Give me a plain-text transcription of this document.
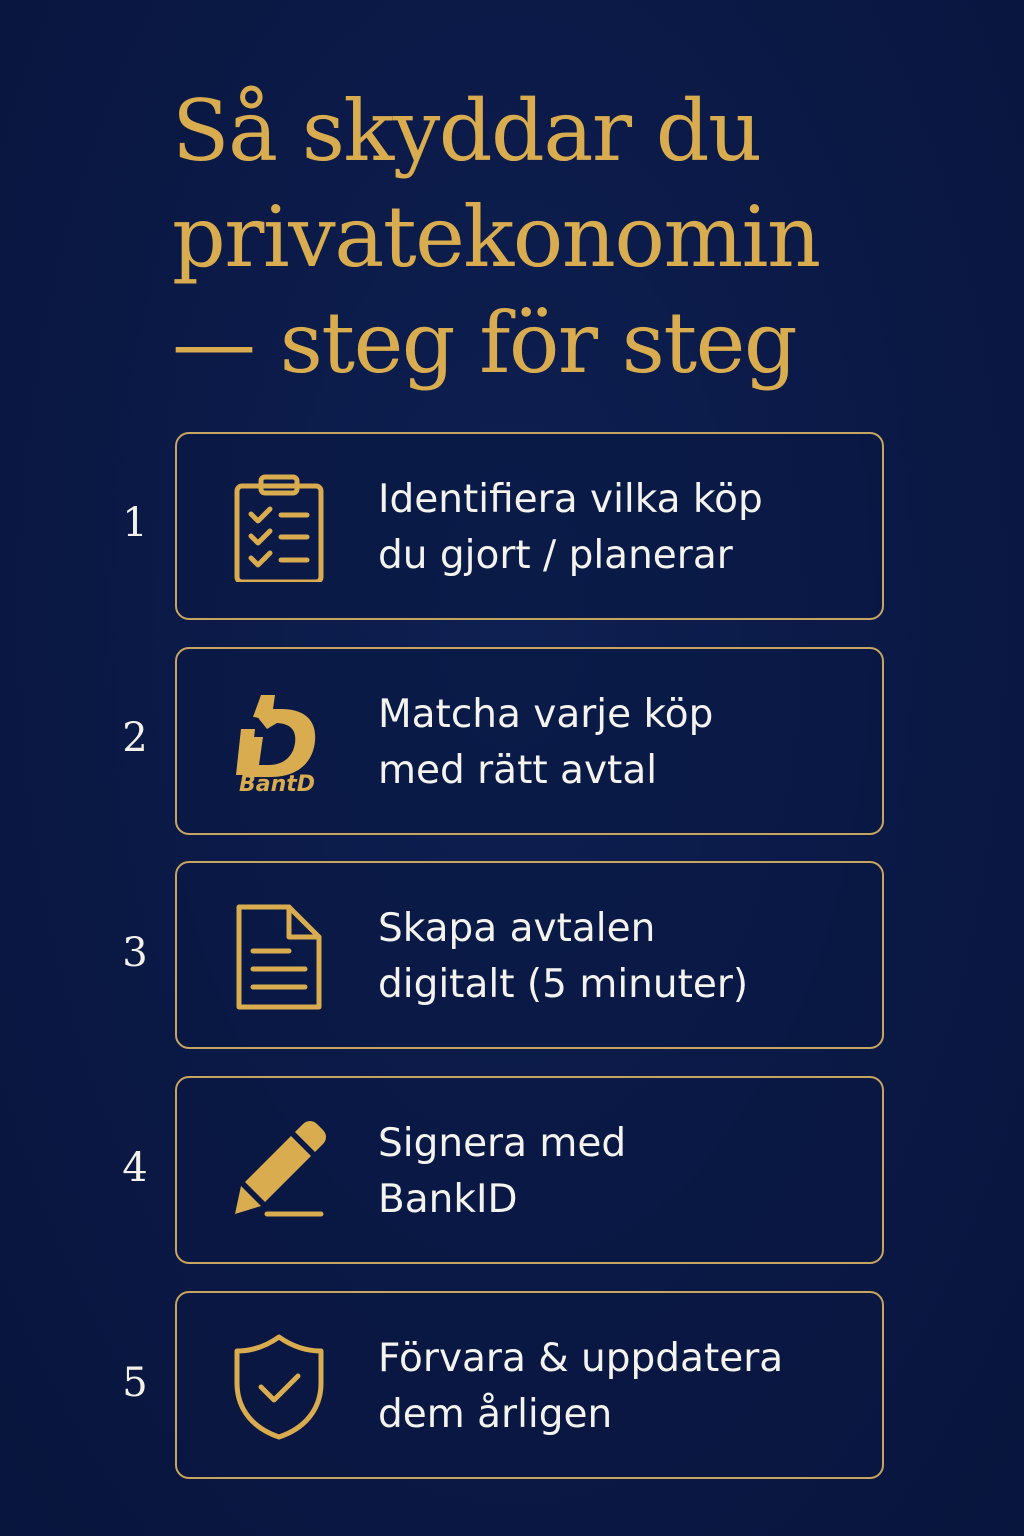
Så skyddar du
privatekonomin
— steg för steg
1
Identifiera vilka köp
du gjort / planerar
2
BantD
Matcha varje köp
med rätt avtal
3
Skapa avtalen
digitalt (5 minuter)
4
Signera med
BankID
5
Förvara & uppdatera
dem årligen
